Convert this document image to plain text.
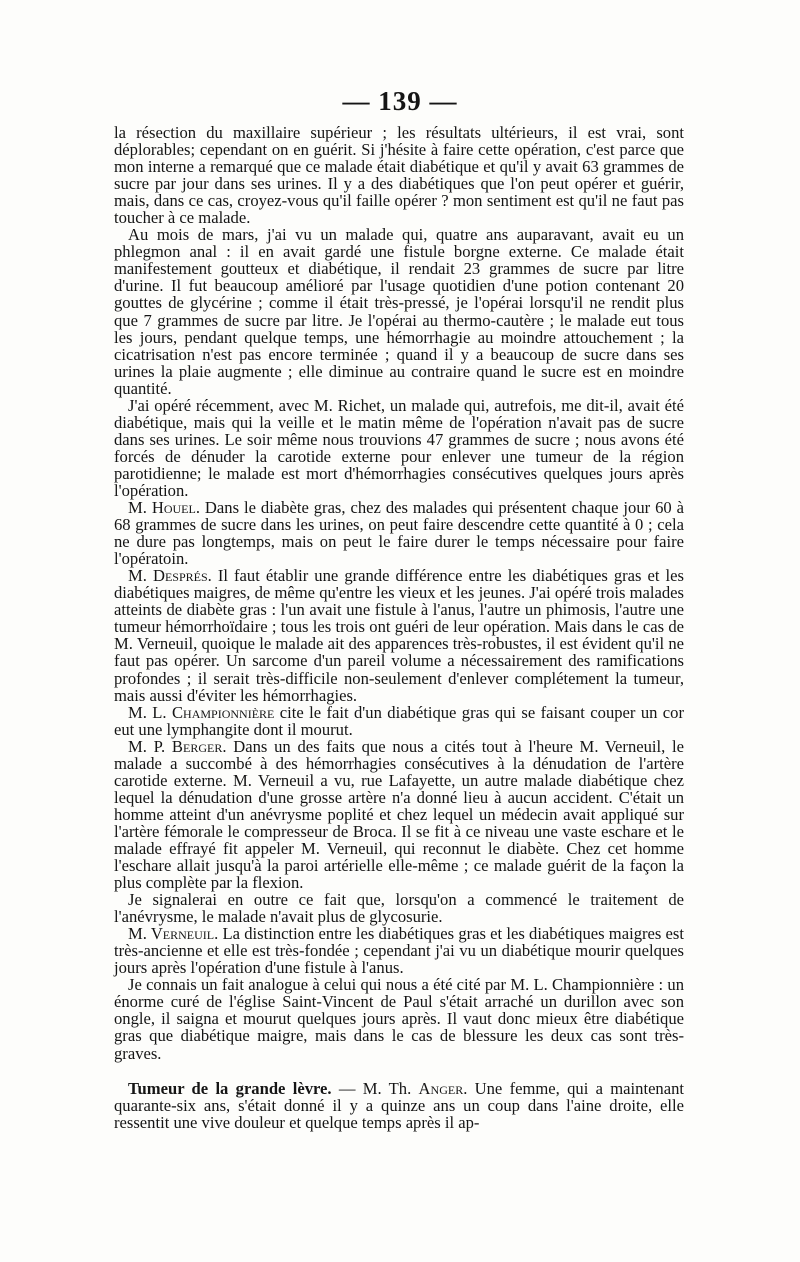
— 139 —

la résection du maxillaire supérieur ; les résultats ultérieurs, il est vrai, sont déplorables; cependant on en guérit. Si j'hésite à faire cette opération, c'est parce que mon interne a remarqué que ce malade était diabétique et qu'il y avait 63 grammes de sucre par jour dans ses urines. Il y a des diabétiques que l'on peut opérer et guérir, mais, dans ce cas, croyez-vous qu'il faille opérer ? mon sentiment est qu'il ne faut pas toucher à ce malade.

Au mois de mars, j'ai vu un malade qui, quatre ans auparavant, avait eu un phlegmon anal : il en avait gardé une fistule borgne externe. Ce malade était manifestement goutteux et diabétique, il rendait 23 grammes de sucre par litre d'urine. Il fut beaucoup amélioré par l'usage quotidien d'une potion contenant 20 gouttes de glycérine ; comme il était très-pressé, je l'opérai lorsqu'il ne rendit plus que 7 grammes de sucre par litre. Je l'opérai au thermo-cautère ; le malade eut tous les jours, pendant quelque temps, une hémorrhagie au moindre attouchement ; la cicatrisation n'est pas encore terminée ; quand il y a beaucoup de sucre dans ses urines la plaie augmente ; elle diminue au contraire quand le sucre est en moindre quantité.

J'ai opéré récemment, avec M. Richet, un malade qui, autrefois, me dit-il, avait été diabétique, mais qui la veille et le matin même de l'opération n'avait pas de sucre dans ses urines. Le soir même nous trouvions 47 grammes de sucre ; nous avons été forcés de dénuder la carotide externe pour enlever une tumeur de la région parotidienne; le malade est mort d'hémorrhagies consécutives quelques jours après l'opération.

M. Houel. Dans le diabète gras, chez des malades qui présentent chaque jour 60 à 68 grammes de sucre dans les urines, on peut faire descendre cette quantité à 0 ; cela ne dure pas longtemps, mais on peut le faire durer le temps nécessaire pour faire l'opératoin.

M. Després. Il faut établir une grande différence entre les diabétiques gras et les diabétiques maigres, de même qu'entre les vieux et les jeunes. J'ai opéré trois malades atteints de diabète gras : l'un avait une fistule à l'anus, l'autre un phimosis, l'autre une tumeur hémorrhoïdaire ; tous les trois ont guéri de leur opération. Mais dans le cas de M. Verneuil, quoique le malade ait des apparences très-robustes, il est évident qu'il ne faut pas opérer. Un sarcome d'un pareil volume a nécessairement des ramifications profondes ; il serait très-difficile non-seulement d'enlever complétement la tumeur, mais aussi d'éviter les hémorrhagies.

M. L. Championnière cite le fait d'un diabétique gras qui se faisant couper un cor eut une lymphangite dont il mourut.

M. P. Berger. Dans un des faits que nous a cités tout à l'heure M. Verneuil, le malade a succombé à des hémorrhagies consécutives à la dénudation de l'artère carotide externe. M. Verneuil a vu, rue Lafayette, un autre malade diabétique chez lequel la dénudation d'une grosse artère n'a donné lieu à aucun accident. C'était un homme atteint d'un anévrysme poplité et chez lequel un médecin avait appliqué sur l'artère fémorale le compresseur de Broca. Il se fit à ce niveau une vaste eschare et le malade effrayé fit appeler M. Verneuil, qui reconnut le diabète. Chez cet homme l'eschare allait jusqu'à la paroi artérielle elle-même ; ce malade guérit de la façon la plus complète par la flexion.

Je signalerai en outre ce fait que, lorsqu'on a commencé le traitement de l'anévrysme, le malade n'avait plus de glycosurie.

M. Verneuil. La distinction entre les diabétiques gras et les diabétiques maigres est très-ancienne et elle est très-fondée ; cependant j'ai vu un diabétique mourir quelques jours après l'opération d'une fistule à l'anus.

Je connais un fait analogue à celui qui nous a été cité par M. L. Championnière : un énorme curé de l'église Saint-Vincent de Paul s'était arraché un durillon avec son ongle, il saigna et mourut quelques jours après. Il vaut donc mieux être diabétique gras que diabétique maigre, mais dans le cas de blessure les deux cas sont très-graves.

Tumeur de la grande lèvre. — M. Th. Anger. Une femme, qui a maintenant quarante-six ans, s'était donné il y a quinze ans un coup dans l'aine droite, elle ressentit une vive douleur et quelque temps après il ap-
